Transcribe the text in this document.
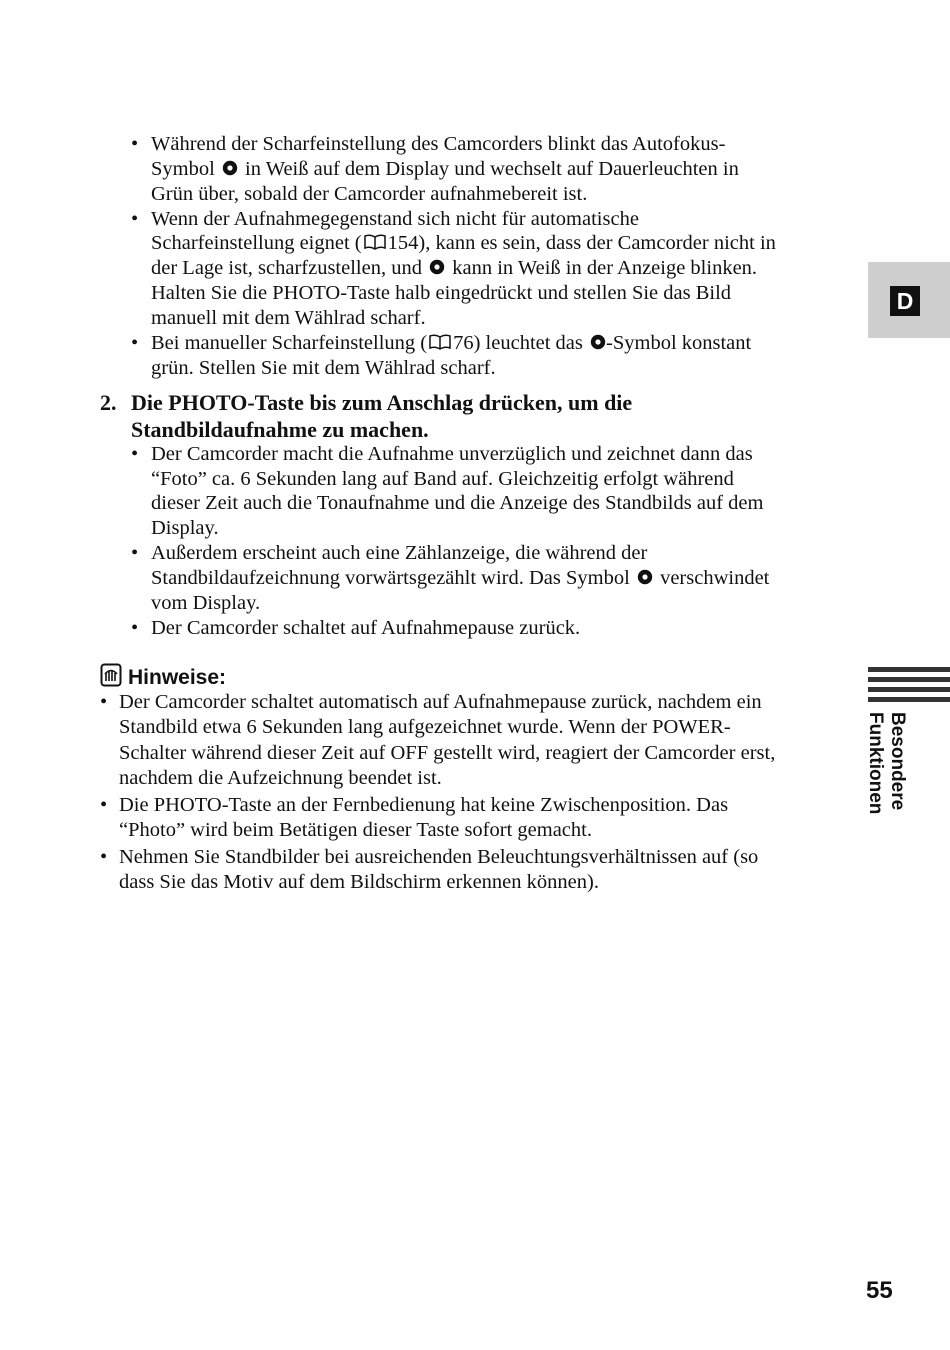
•
•
•
Während der Scharfeinstellung des Camcorders blinkt das Autofokus-
Symbol in Weiß auf dem Display und wechselt auf Dauerleuchten in
Grün über, sobald der Camcorder aufnahmebereit ist.
Wenn der Aufnahmegegenstand sich nicht für automatische
Scharfeinstellung eignet ( 154), kann es sein, dass der Camcorder nicht in
der Lage ist, scharfzustellen, und kann in Weiß in der Anzeige blinken.
Halten Sie die PHOTO-Taste halb eingedrückt und stellen Sie das Bild
manuell mit dem Wählrad scharf.
Bei manueller Scharfeinstellung ( 76) leuchtet das -Symbol konstant
grün. Stellen Sie mit dem Wählrad scharf.
2. Die PHOTO-Taste bis zum Anschlag drücken, um die
Standbildaufnahme zu machen.
•
•
•
Der Camcorder macht die Aufnahme unverzüglich und zeichnet dann das
“Foto” ca. 6 Sekunden lang auf Band auf. Gleichzeitig erfolgt während
dieser Zeit auch die Tonaufnahme und die Anzeige des Standbilds auf dem
Display.
Außerdem erscheint auch eine Zählanzeige, die während der
Standbildaufzeichnung vorwärtsgezählt wird. Das Symbol verschwindet
vom Display.
Der Camcorder schaltet auf Aufnahmepause zurück.
Hinweise:
•
•
•
Der Camcorder schaltet automatisch auf Aufnahmepause zurück, nachdem ein
Standbild etwa 6 Sekunden lang aufgezeichnet wurde. Wenn der POWER-
Schalter während dieser Zeit auf OFF gestellt wird, reagiert der Camcorder erst,
nachdem die Aufzeichnung beendet ist.
Die PHOTO-Taste an der Fernbedienung hat keine Zwischenposition. Das
“Photo” wird beim Betätigen dieser Taste sofort gemacht.
Nehmen Sie Standbilder bei ausreichenden Beleuchtungsverhältnissen auf (so
dass Sie das Motiv auf dem Bildschirm erkennen können).
D
Besondere
Funktionen
55
